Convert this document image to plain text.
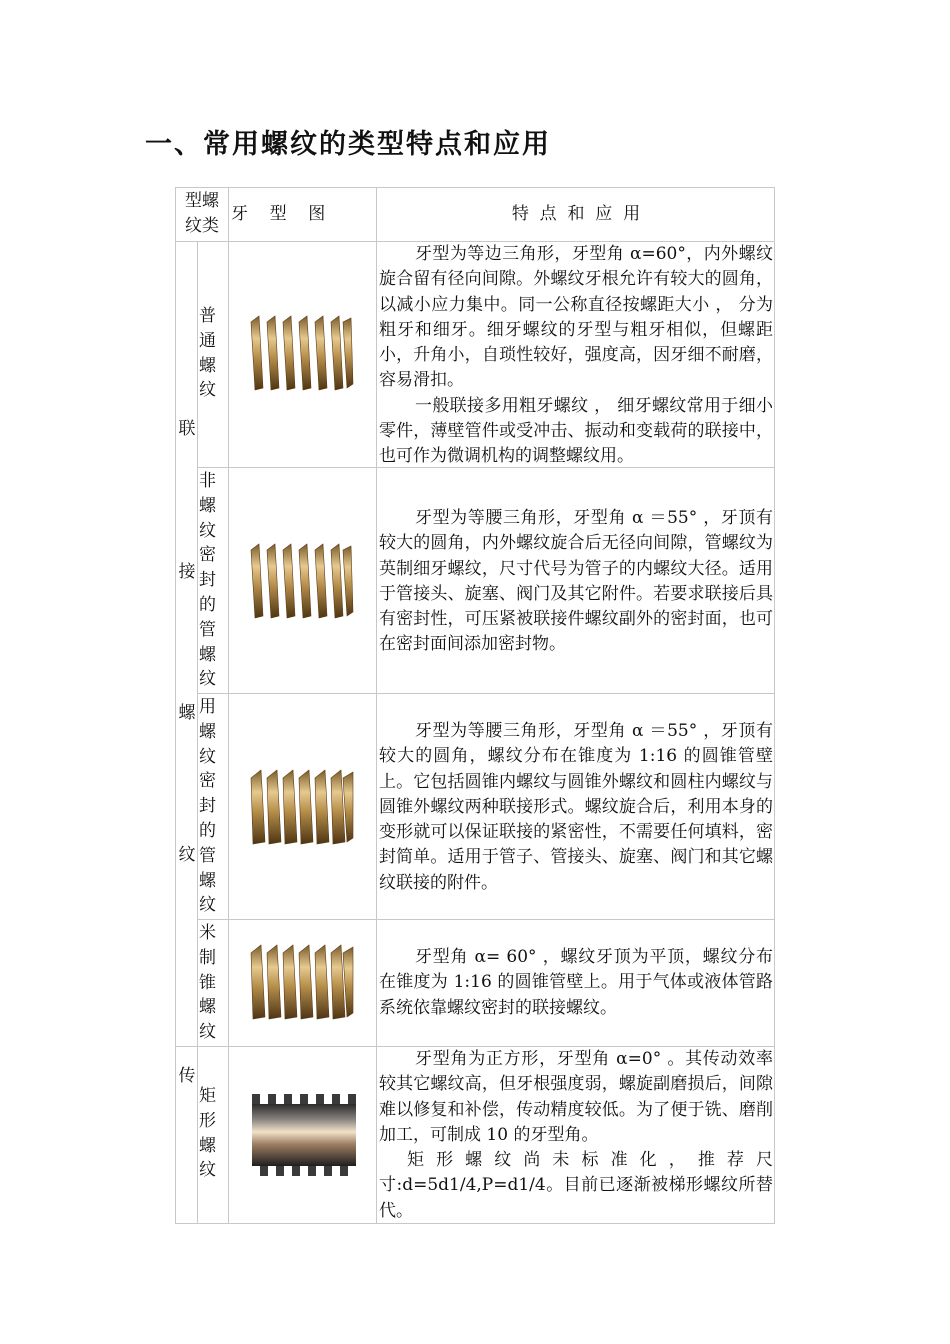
一、常用螺纹的类型特点和应用
型螺
纹类
牙    型    图	特  点  和  应  用
联
接
螺
纹
传
普通螺纹
非螺纹密封的管螺纹
用螺纹密封的管螺纹
米制锥螺纹
矩形螺纹

牙型为等边三角形，牙型角 α=60°，内外螺纹旋合留有径向间隙。外螺纹牙根允许有较大的圆角，以减小应力集中。同一公称直径按螺距大小 ， 分为粗牙和细牙。细牙螺纹的牙型与粗牙相似，但螺距小，升角小，自琐性较好，强度高，因牙细不耐磨，容易滑扣。

一般联接多用粗牙螺纹 ， 细牙螺纹常用于细小零件，薄壁管件或受冲击、振动和变载荷的联接中，也可作为微调机构的调整螺纹用。

牙型为等腰三角形，牙型角 α ＝55° ，牙顶有较大的圆角，内外螺纹旋合后无径向间隙，管螺纹为英制细牙螺纹，尺寸代号为管子的内螺纹大径。适用于管接头、旋塞、阀门及其它附件。若要求联接后具有密封性，可压紧被联接件螺纹副外的密封面，也可在密封面间添加密封物。

牙型为等腰三角形，牙型角 α ＝55° ，牙顶有较大的圆角，螺纹分布在锥度为 1:16 的圆锥管壁上。它包括圆锥内螺纹与圆锥外螺纹和圆柱内螺纹与圆锥外螺纹两种联接形式。螺纹旋合后，利用本身的变形就可以保证联接的紧密性，不需要任何填料，密封简单。适用于管子、管接头、旋塞、阀门和其它螺纹联接的附件。

牙型角 α= 60° ，螺纹牙顶为平顶，螺纹分布在锥度为 1:16 的圆锥管壁上。用于气体或液体管路系统依靠螺纹密封的联接螺纹。

牙型角为正方形，牙型角 α=0° 。其传动效率较其它螺纹高，但牙根强度弱，螺旋副磨损后，间隙难以修复和补偿，传动精度较低。为了便于铣、磨削加工，可制成 10 的牙型角。

矩形螺纹尚未标准化，推荐尺寸:d=5d1/4,P=d1/4。目前已逐渐被梯形螺纹所替代。
